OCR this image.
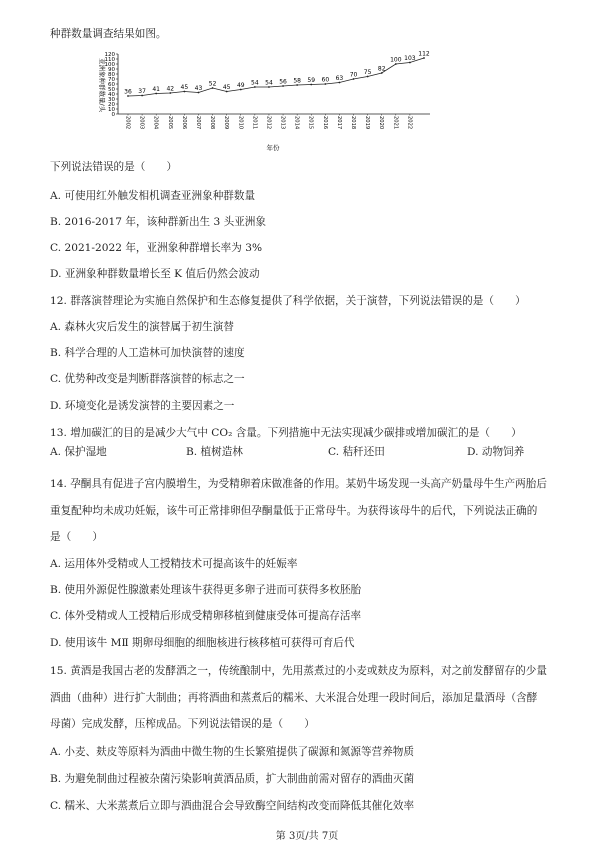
种群数量调查结果如图。
36 37 41 42 45 43
52 45 49 54 54 56 58 59 60 63 70 75 82
100 103
112
0
10
20
30
40
50
60
70
80
90
100
110
120
2002 2003 2004 2005 2006 2007 2008 2009 2010 2011 2012 2013 2014 2015 2016 2017 2018 2019 2020 2021 2022
亚洲象种群数量/头
年份
下列说法错误的是（　　）
A. 可使用红外触发相机调查亚洲象种群数量
B. 2016-2017 年，该种群新出生 3 头亚洲象
C. 2021-2022 年，亚洲象种群增长率为 3%
D. 亚洲象种群数量增长至 K 值后仍然会波动
12. 群落演替理论为实施自然保护和生态修复提供了科学依据，关于演替，下列说法错误的是（　　）
A. 森林火灾后发生的演替属于初生演替
B. 科学合理的人工造林可加快演替的速度
C. 优势种改变是判断群落演替的标志之一
D. 环境变化是诱发演替的主要因素之一
13. 增加碳汇的目的是减少大气中 CO₂ 含量。下列措施中无法实现减少碳排或增加碳汇的是（　　）
A. 保护湿地	B. 植树造林	C. 秸秆还田	D. 动物饲养
14. 孕酮具有促进子宫内膜增生，为受精卵着床做准备的作用。某奶牛场发现一头高产奶量母牛生产两胎后
重复配种均未成功妊娠，该牛可正常排卵但孕酮量低于正常母牛。为获得该母牛的后代，下列说法正确的
是（　　）
A. 运用体外受精或人工授精技术可提高该牛的妊娠率
B. 使用外源促性腺激素处理该牛获得更多卵子进而可获得多枚胚胎
C. 体外受精或人工授精后形成受精卵移植到健康受体可提高存活率
D. 使用该牛 MⅡ 期卵母细胞的细胞核进行核移植可获得可育后代
15. 黄酒是我国古老的发酵酒之一，传统酿制中，先用蒸煮过的小麦或麸皮为原料，对之前发酵留存的少量
酒曲（曲种）进行扩大制曲；再将酒曲和蒸煮后的糯米、大米混合处理一段时间后，添加足量酒母（含酵
母菌）完成发酵，压榨成品。下列说法错误的是（　　）
A. 小麦、麸皮等原料为酒曲中微生物的生长繁殖提供了碳源和氮源等营养物质
B. 为避免制曲过程被杂菌污染影响黄酒品质，扩大制曲前需对留存的酒曲灭菌
C. 糯米、大米蒸煮后立即与酒曲混合会导致酶空间结构改变而降低其催化效率
第 3页/共 7页
